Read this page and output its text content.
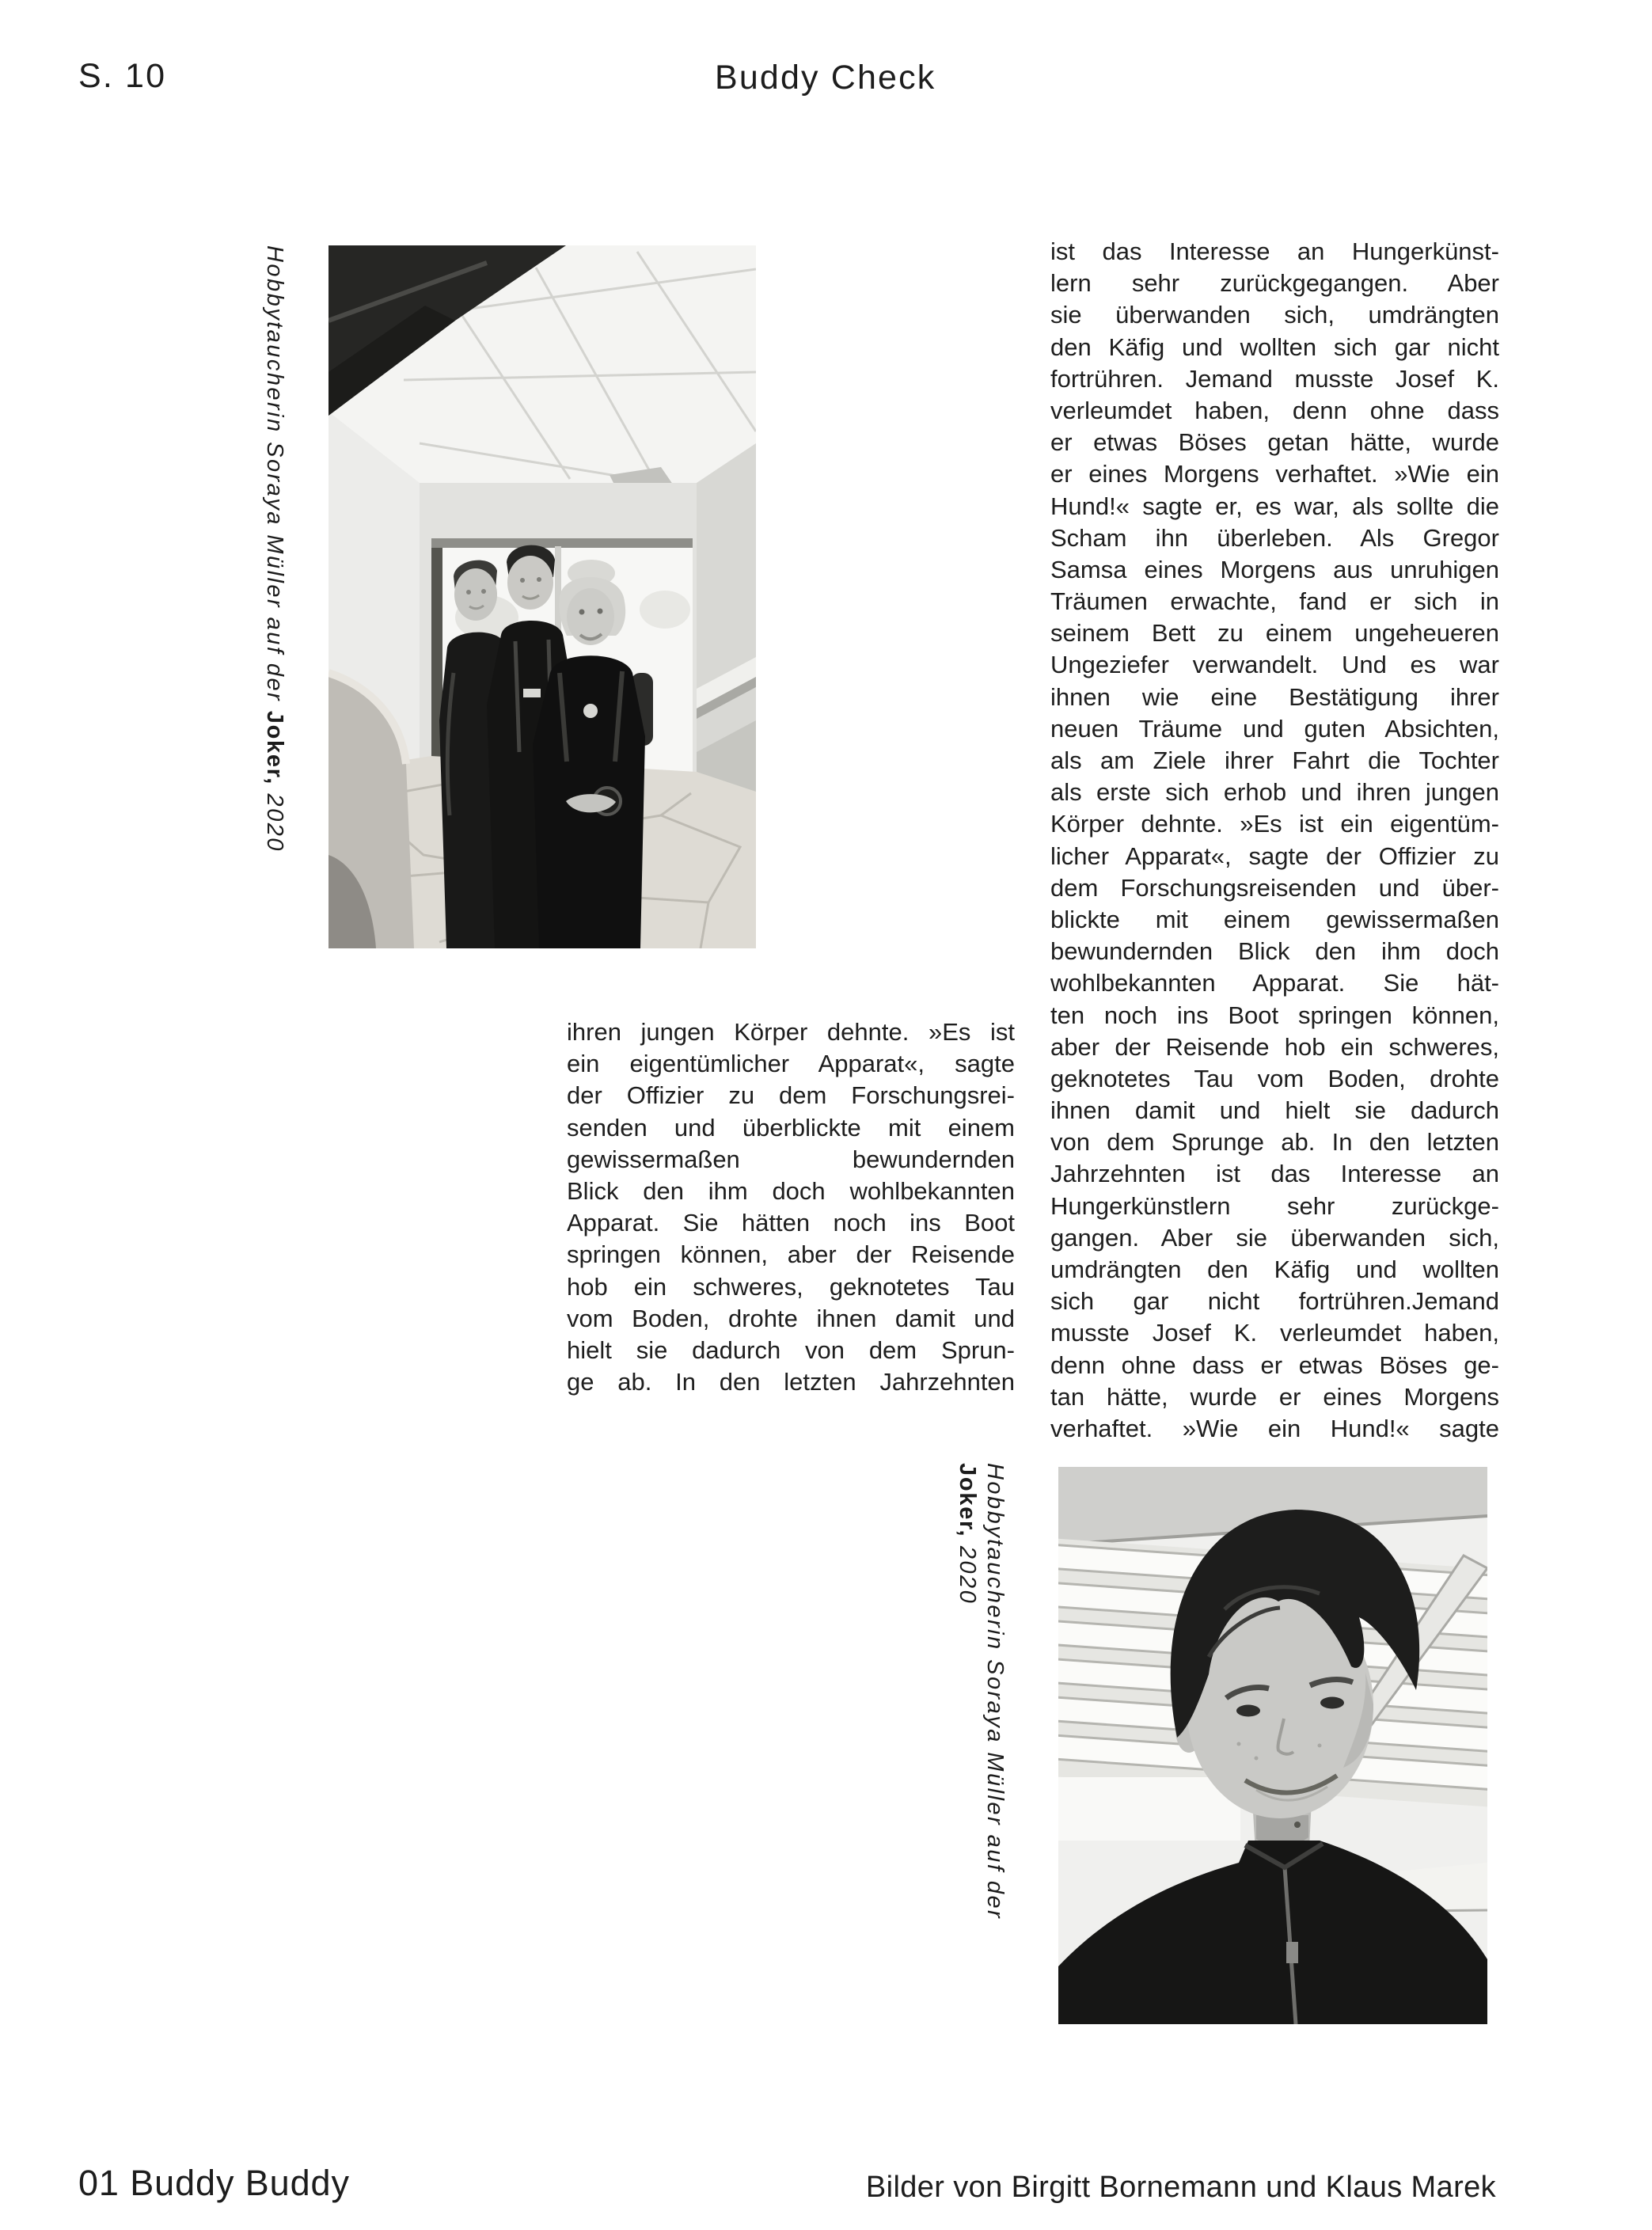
S. 10	Buddy Check
Hobbytaucherin Soraya Müller auf der Joker, 2020
ihren jungen Körper dehnte. »Es ist
ein eigentümlicher Apparat«, sagte
der Offizier zu dem Forschungsrei-
senden und überblickte mit einem
gewissermaßen bewundernden
Blick den ihm doch wohlbekannten
Apparat. Sie hätten noch ins Boot
springen können, aber der Reisende
hob ein schweres, geknotetes Tau
vom Boden, drohte ihnen damit und
hielt sie dadurch von dem Sprun-
ge ab. In den letzten Jahrzehnten
ist das Interesse an Hungerkünst-
lern sehr zurückgegangen. Aber
sie überwanden sich, umdrängten
den Käfig und wollten sich gar nicht
fortrühren. Jemand musste Josef K.
verleumdet haben, denn ohne dass
er etwas Böses getan hätte, wurde
er eines Morgens verhaftet. »Wie ein
Hund!« sagte er, es war, als sollte die
Scham ihn überleben. Als Gregor
Samsa eines Morgens aus unruhigen
Träumen erwachte, fand er sich in
seinem Bett zu einem ungeheueren
Ungeziefer verwandelt. Und es war
ihnen wie eine Bestätigung ihrer
neuen Träume und guten Absichten,
als am Ziele ihrer Fahrt die Tochter
als erste sich erhob und ihren jungen
Körper dehnte. »Es ist ein eigentüm-
licher Apparat«, sagte der Offizier zu
dem Forschungsreisenden und über-
blickte mit einem gewissermaßen
bewundernden Blick den ihm doch
wohlbekannten Apparat. Sie hät-
ten noch ins Boot springen können,
aber der Reisende hob ein schweres,
geknotetes Tau vom Boden, drohte
ihnen damit und hielt sie dadurch
von dem Sprunge ab. In den letzten
Jahrzehnten ist das Interesse an
Hungerkünstlern sehr zurückge-
gangen. Aber sie überwanden sich,
umdrängten den Käfig und wollten
sich gar nicht fortrühren.Jemand
musste Josef K. verleumdet haben,
denn ohne dass er etwas Böses ge-
tan hätte, wurde er eines Morgens
verhaftet. »Wie ein Hund!« sagte
Hobbytaucherin Soraya Müller auf der
Joker, 2020
01 Buddy Buddy	Bilder von Birgitt Bornemann und Klaus Marek
